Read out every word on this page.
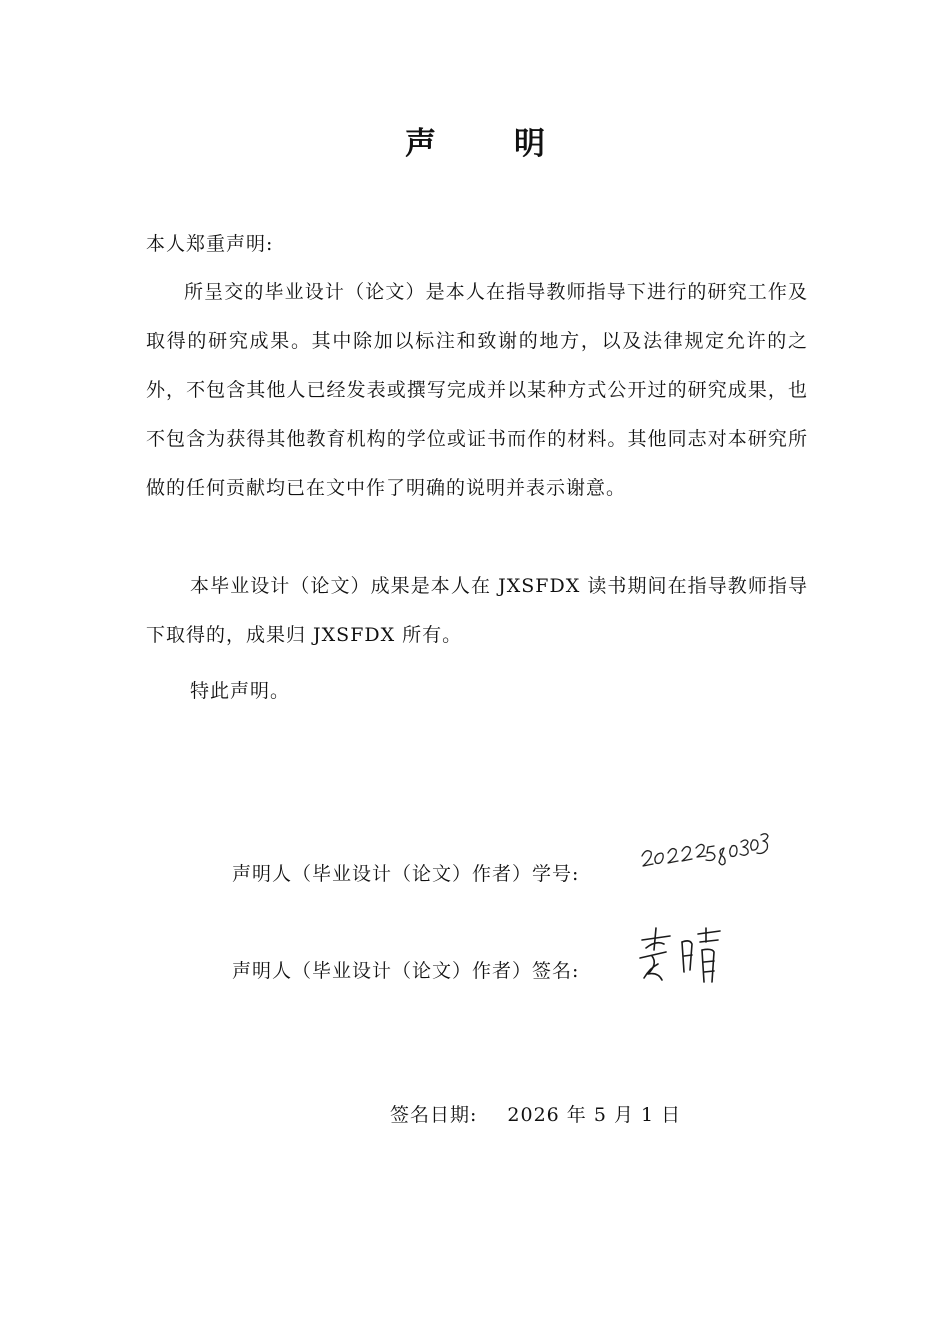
声	明
本人郑重声明:
所呈交的毕业设计（论文）是本人在指导教师指导下进行的研究工作及取得的研究成果。其中除加以标注和致谢的地方，以及法律规定允许的之外，不包含其他人已经发表或撰写完成并以某种方式公开过的研究成果，也不包含为获得其他教育机构的学位或证书而作的材料。其他同志对本研究所做的任何贡献均已在文中作了明确的说明并表示谢意。
本毕业设计（论文）成果是本人在 JXSFDX 读书期间在指导教师指导下取得的，成果归 JXSFDX 所有。
特此声明。
声明人（毕业设计（论文）作者）学号:
声明人（毕业设计（论文）作者）签名:
签名日期: 2026 年 5 月 1 日
